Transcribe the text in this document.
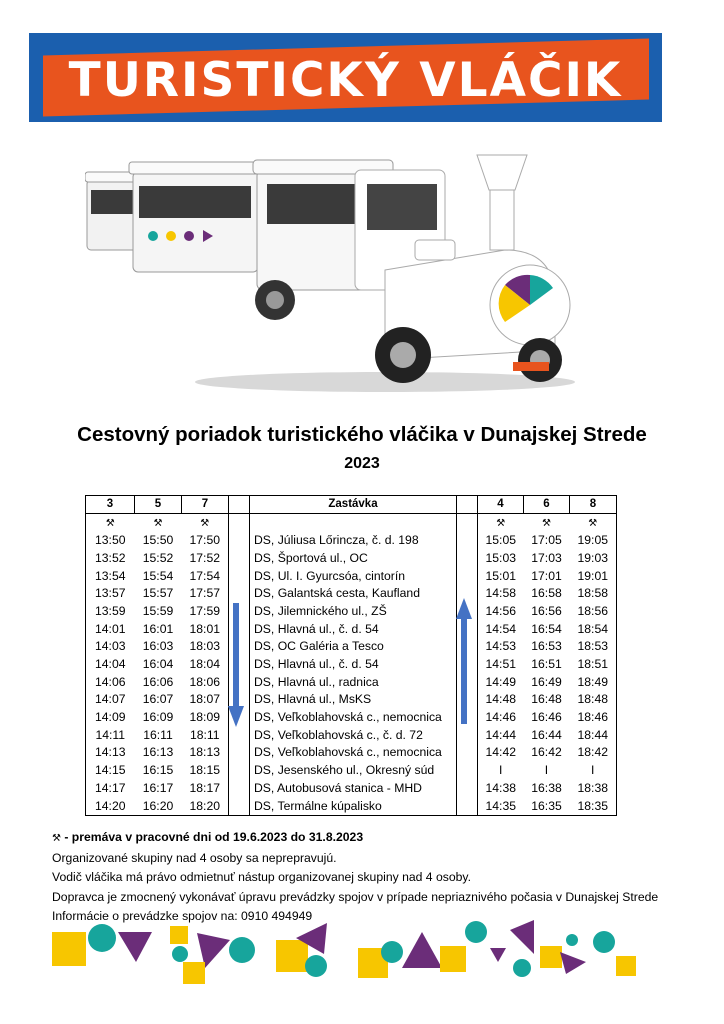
TURISTICKÝ VLÁČIK
Cestovný poriadok turistického vláčika v Dunajskej Strede
2023
3	5	7		Zastávka		4	6	8
⚒	⚒	⚒				⚒	⚒	⚒
13:50	15:50	17:50		DS, Júliusa Lőrincza, č. d. 198		15:05	17:05	19:05
13:52	15:52	17:52		DS, Športová ul., OC		15:03	17:03	19:03
13:54	15:54	17:54		DS, Ul. I. Gyurcsóa, cintorín		15:01	17:01	19:01
13:57	15:57	17:57		DS, Galantská cesta, Kaufland		14:58	16:58	18:58
13:59	15:59	17:59		DS, Jilemnického ul., ZŠ		14:56	16:56	18:56
14:01	16:01	18:01		DS, Hlavná ul., č. d. 54		14:54	16:54	18:54
14:03	16:03	18:03		DS, OC Galéria a Tesco		14:53	16:53	18:53
14:04	16:04	18:04		DS, Hlavná ul., č. d. 54		14:51	16:51	18:51
14:06	16:06	18:06		DS, Hlavná ul., radnica		14:49	16:49	18:49
14:07	16:07	18:07		DS, Hlavná ul., MsKS		14:48	16:48	18:48
14:09	16:09	18:09		DS, Veľkoblahovská c., nemocnica		14:46	16:46	18:46
14:11	16:11	18:11		DS, Veľkoblahovská c., č. d. 72		14:44	16:44	18:44
14:13	16:13	18:13		DS, Veľkoblahovská c., nemocnica		14:42	16:42	18:42
14:15	16:15	18:15		DS, Jesenského ul., Okresný súd		I	I	I
14:17	16:17	18:17		DS, Autobusová stanica - MHD		14:38	16:38	18:38
14:20	16:20	18:20		DS, Termálne kúpalisko		14:35	16:35	18:35
⚒ - premáva v pracovné dni od 19.6.2023 do 31.8.2023
Organizované skupiny nad 4 osoby sa neprepravujú.
Vodič vláčika má právo odmietnuť nástup organizovanej skupiny nad 4 osoby.
Dopravca je zmocnený vykonávať úpravu prevádzky spojov v prípade nepriaznivého počasia v Dunajskej Strede
Informácie o prevádzke spojov na: 0910 494949
